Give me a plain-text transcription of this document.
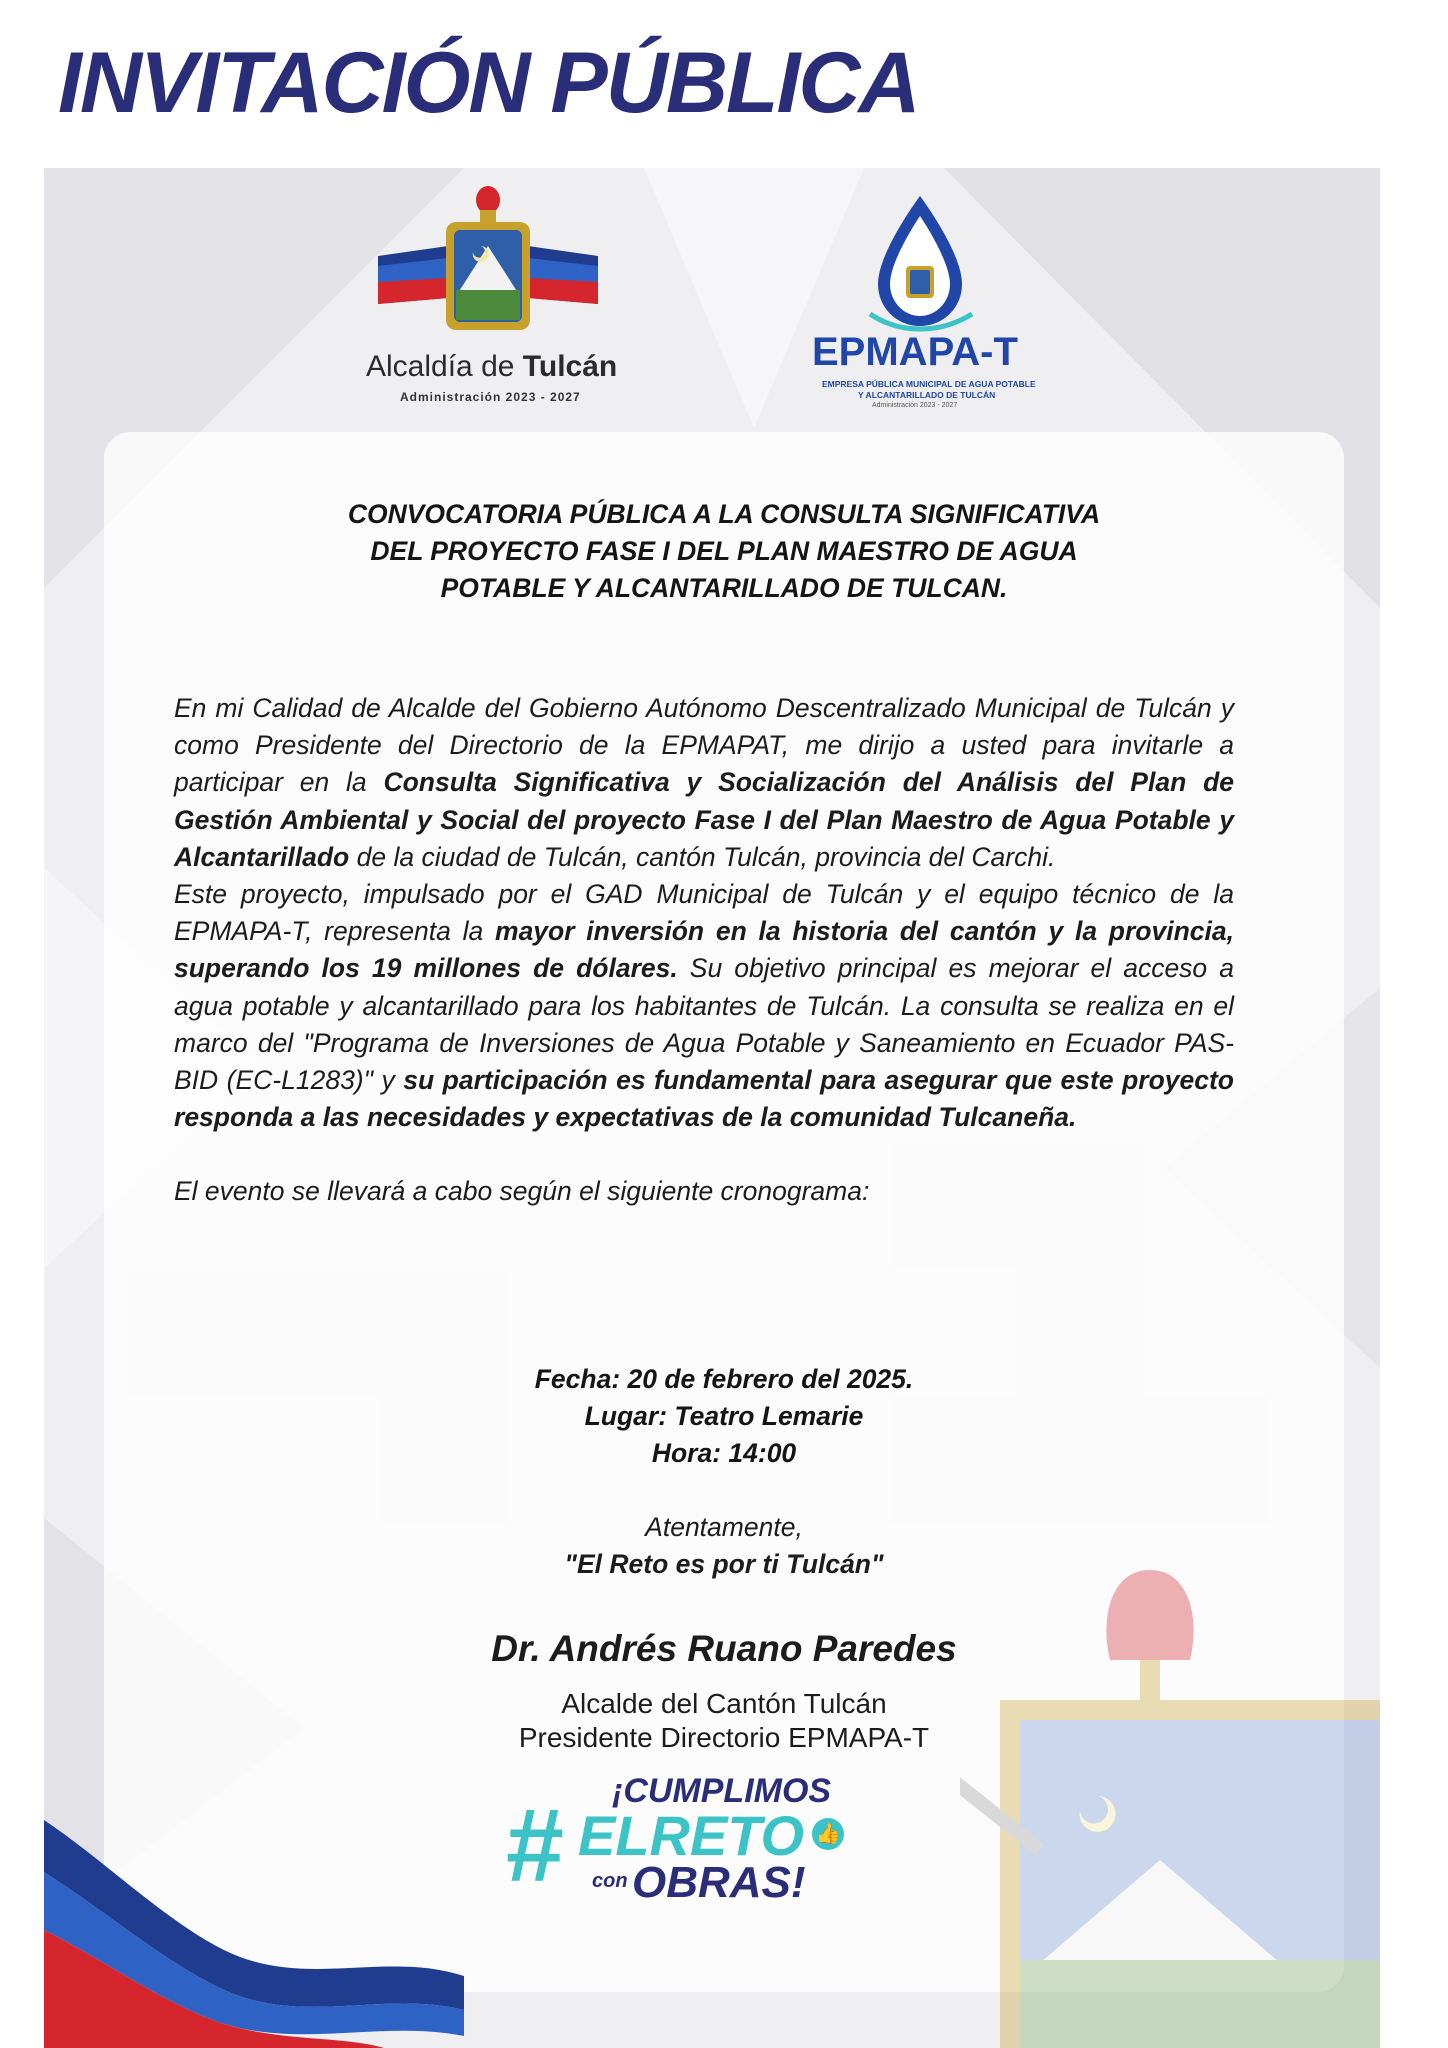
INVITACIÓN PÚBLICA
Alcaldía de Tulcán
Administración 2023 - 2027
EPMAPA-T
EMPRESA PÚBLICA MUNICIPAL DE AGUA POTABLE
Y ALCANTARILLADO DE TULCÁN
Administración 2023 - 2027
CONVOCATORIA PÚBLICA A LA CONSULTA SIGNIFICATIVA
DEL PROYECTO FASE I DEL PLAN MAESTRO DE AGUA
POTABLE Y ALCANTARILLADO DE TULCAN.

En mi Calidad de Alcalde del Gobierno Autónomo Descentralizado Municipal de Tulcán y como Presidente del Directorio de la EPMAPAT, me dirijo a usted para invitarle a participar en la Consulta Significativa y Socialización del Análisis del Plan de Gestión Ambiental y Social del proyecto Fase I del Plan Maestro de Agua Potable y Alcantarillado de la ciudad de Tulcán, cantón Tulcán, provincia del Carchi.

Este proyecto, impulsado por el GAD Municipal de Tulcán y el equipo técnico de la EPMAPA-T, representa la mayor inversión en la historia del cantón y la provincia, superando los 19 millones de dólares. Su objetivo principal es mejorar el acceso a agua potable y alcantarillado para los habitantes de Tulcán. La consulta se realiza en el marco del "Programa de Inversiones de Agua Potable y Saneamiento en Ecuador PAS-BID (EC-L1283)" y su participación es fundamental para asegurar que este proyecto responda a las necesidades y expectativas de la comunidad Tulcaneña.

El evento se llevará a cabo según el siguiente cronograma:

Fecha: 20 de febrero del 2025.
Lugar: Teatro Lemarie
Hora: 14:00
Atentamente,
"El Reto es por ti Tulcán"
Dr. Andrés Ruano Paredes
Alcalde del Cantón Tulcán
Presidente Directorio EPMAPA-T
¡CUMPLIMOS
# ELRETO 👍
con OBRAS!
